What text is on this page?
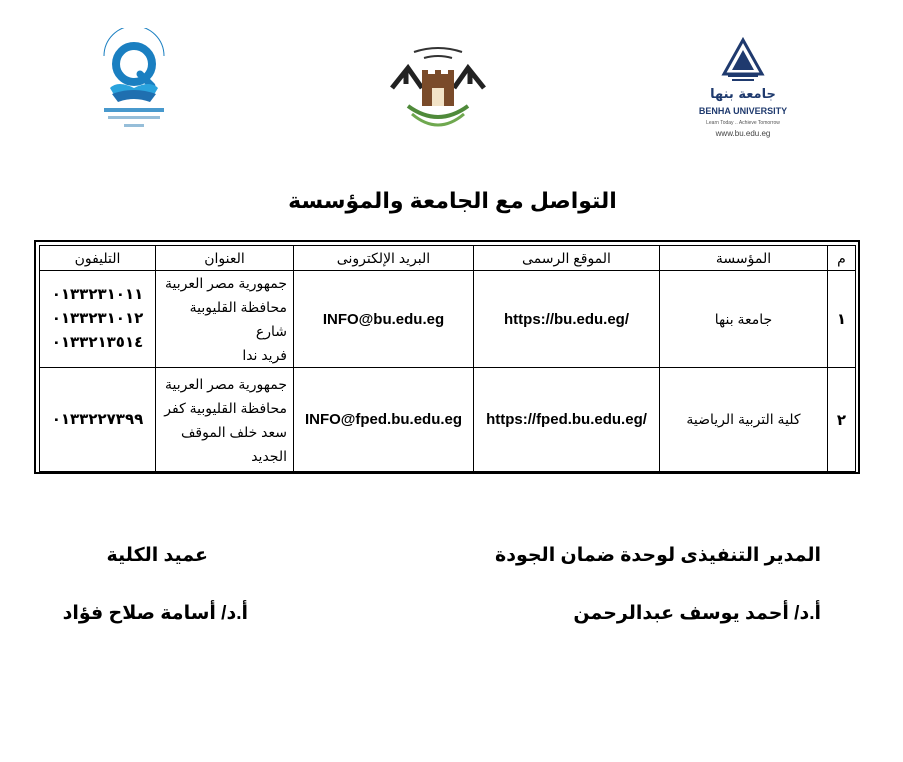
جامعة بنها
BENHA UNIVERSITY
Learn Today .. Achieve Tomorrow
www.bu.edu.eg
التواصل مع الجامعة والمؤسسة
م	المؤسسة	الموقع الرسمى	البريد الإلكترونى	العنوان	التليفون
١	جامعة بنها	https://bu.edu.eg/	INFO@bu.edu.eg	جمهورية مصر العربية
محافظة القليوبية شارع
فريد ندا	٠١٣٣٢٣١٠١١
٠١٣٣٢٣١٠١٢
٠١٣٣٢١٣٥١٤

٢	كلية التربية الرياضية	https://fped.bu.edu.eg/	INFO@fped.bu.edu.eg	جمهورية مصر العربية
محافظة القليوبية كفر
سعد خلف الموقف
الجديد	٠١٣٣٢٢٧٣٩٩
المدير التنفيذى لوحدة ضمان الجودة
أ.د/ أحمد يوسف عبدالرحمن
عميد الكلية
أ.د/ أسامة صلاح فؤاد
